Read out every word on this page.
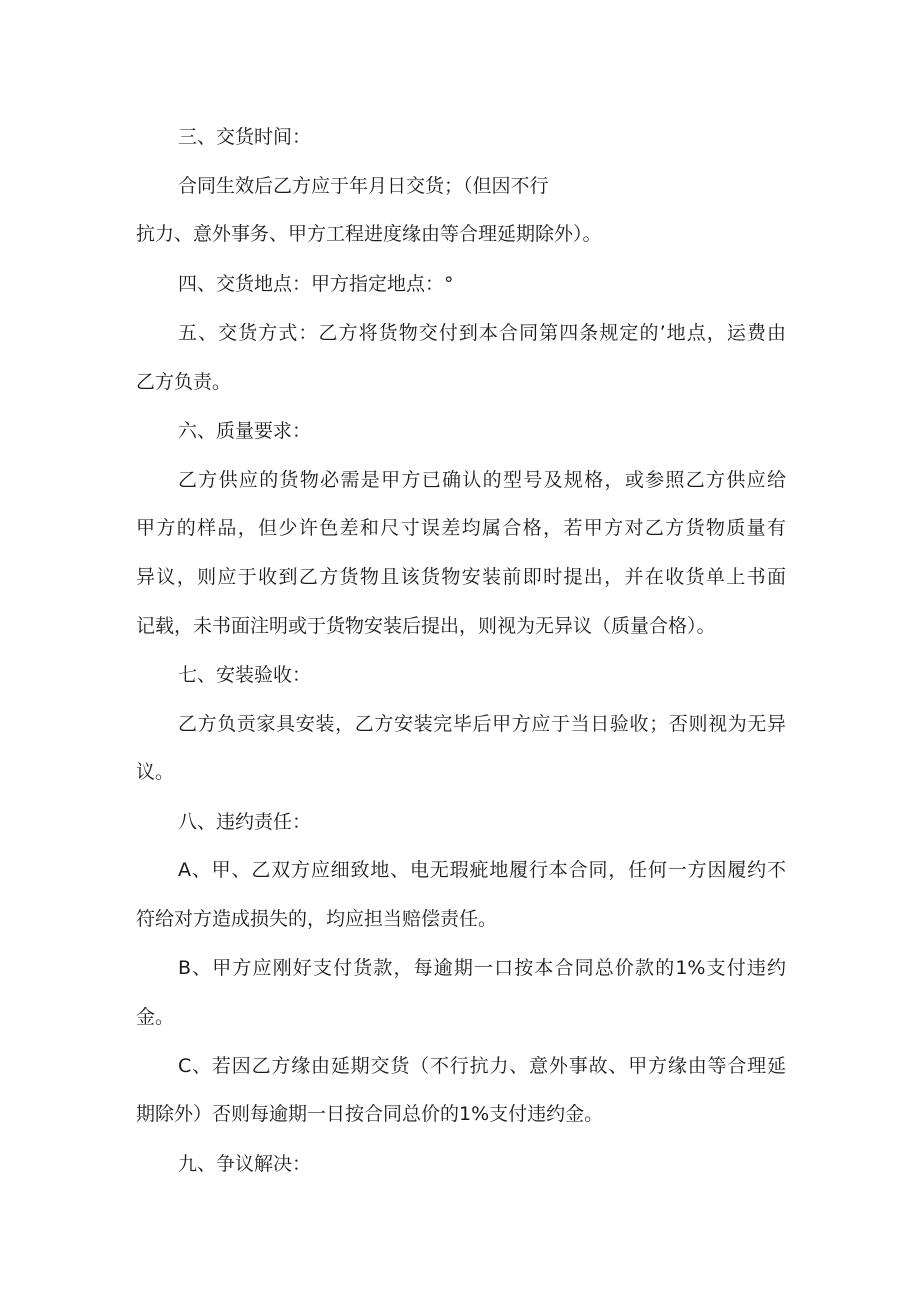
三、交货时间：
合同生效后乙方应于年月日交货；（但因不行
抗力、意外事务、甲方工程进度缘由等合理延期除外）。
四、交货地点：甲方指定地点：°
五、交货方式：乙方将货物交付到本合同第四条规定的’地点，运费由
乙方负责。
六、质量要求：
乙方供应的货物必需是甲方已确认的型号及规格，或参照乙方供应给
甲方的样品，但少许色差和尺寸误差均属合格，若甲方对乙方货物质量有
异议，则应于收到乙方货物且该货物安装前即时提出，并在收货单上书面
记载，未书面注明或于货物安装后提出，则视为无异议（质量合格）。
七、安装验收：
乙方负贡家具安装，乙方安装完毕后甲方应于当日验收；否则视为无异
议。
八、违约责任：
A、甲、乙双方应细致地、电无瑕疵地履行本合同，任何一方因履约不
符给对方造成损失的，均应担当赔偿责任。
B、甲方应刚好支付货款，每逾期一口按本合同总价款的1%支付违约
金。
C、若因乙方缘由延期交货（不行抗力、意外事故、甲方缘由等合理延
期除外）否则每逾期一日按合同总价的1%支付违约金。
九、争议解决：
